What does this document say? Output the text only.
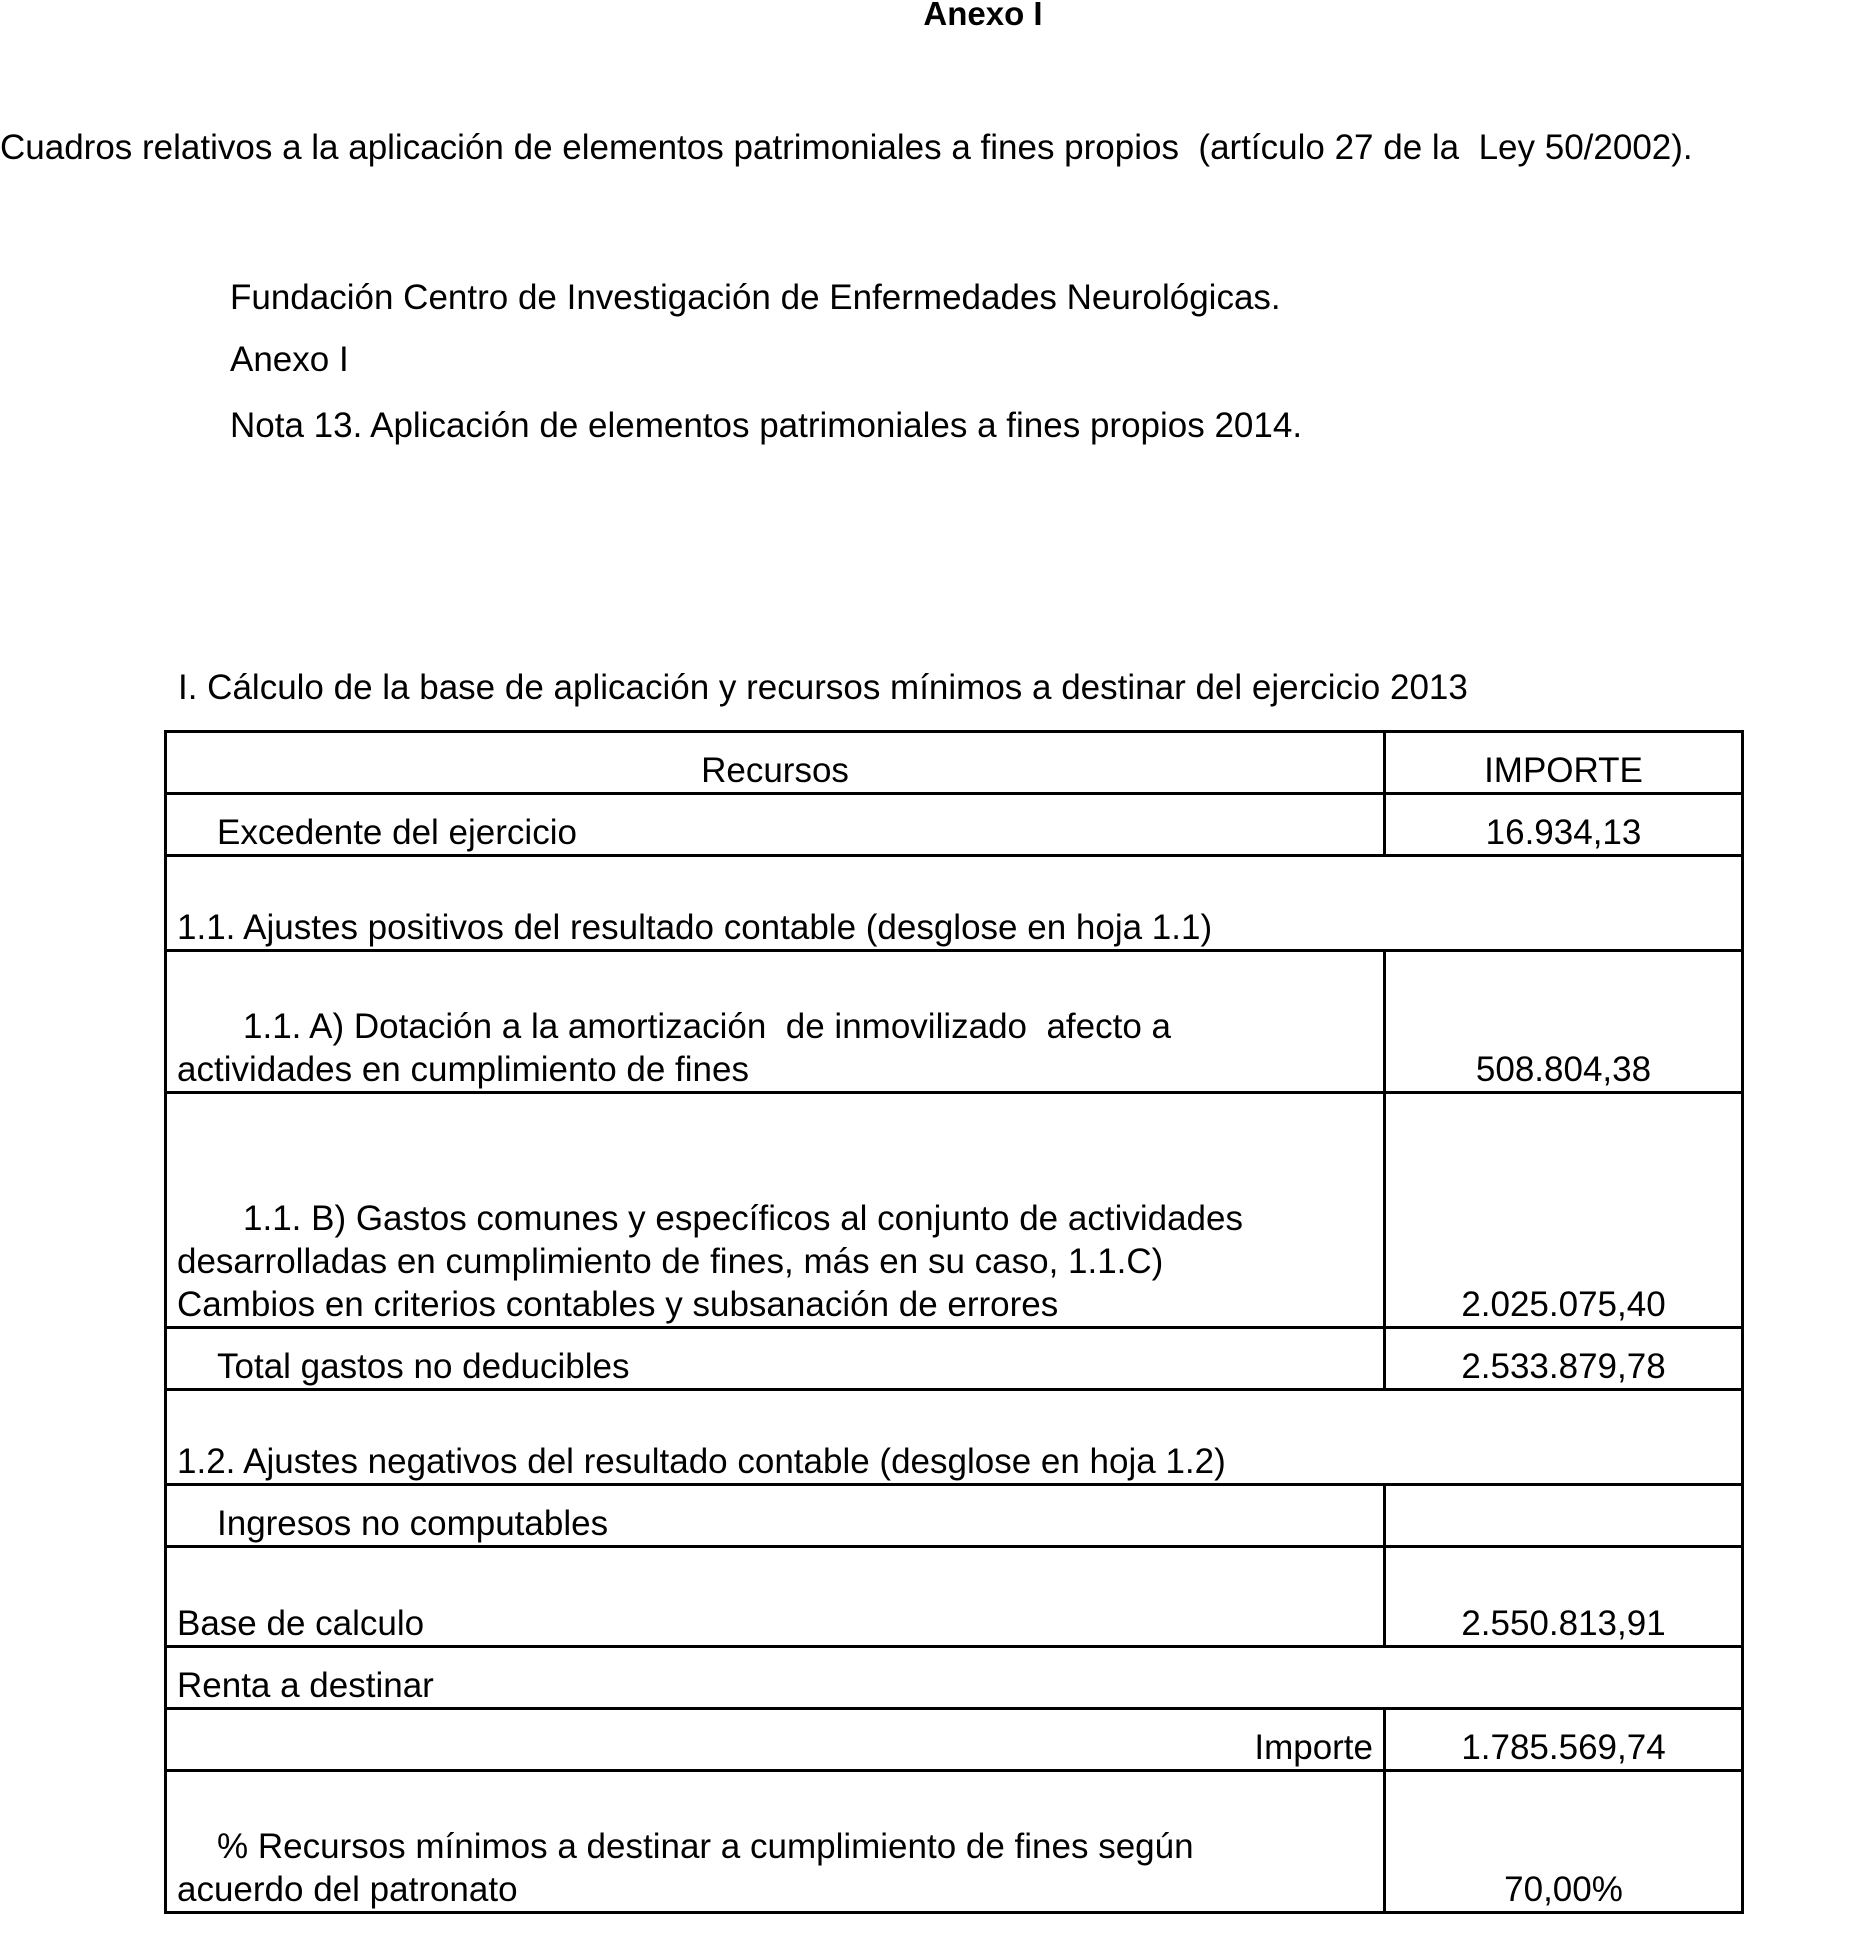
Anexo I
Cuadros relativos a la aplicación de elementos patrimoniales a fines propios  (artículo 27 de la  Ley 50/2002).
Fundación Centro de Investigación de Enfermedades Neurológicas.
Anexo I
Nota 13. Aplicación de elementos patrimoniales a fines propios 2014.
I. Cálculo de la base de aplicación y recursos mínimos a destinar del ejercicio 2013
Recursos	IMPORTE
Excedente del ejercicio	16.934,13
1.1. Ajustes positivos del resultado contable (desglose en hoja 1.1)	
1.1. A) Dotación a la amortización  de inmovilizado  afecto a
actividades en cumplimiento de fines	508.804,38
1.1. B) Gastos comunes y específicos al conjunto de actividades
desarrolladas en cumplimiento de fines, más en su caso, 1.1.C)
Cambios en criterios contables y subsanación de errores	2.025.075,40
Total gastos no deducibles	2.533.879,78
1.2. Ajustes negativos del resultado contable (desglose en hoja 1.2)	
Ingresos no computables	
Base de calculo	2.550.813,91
Renta a destinar	
Importe	1.785.569,74
% Recursos mínimos a destinar a cumplimiento de fines según
acuerdo del patronato	70,00%
